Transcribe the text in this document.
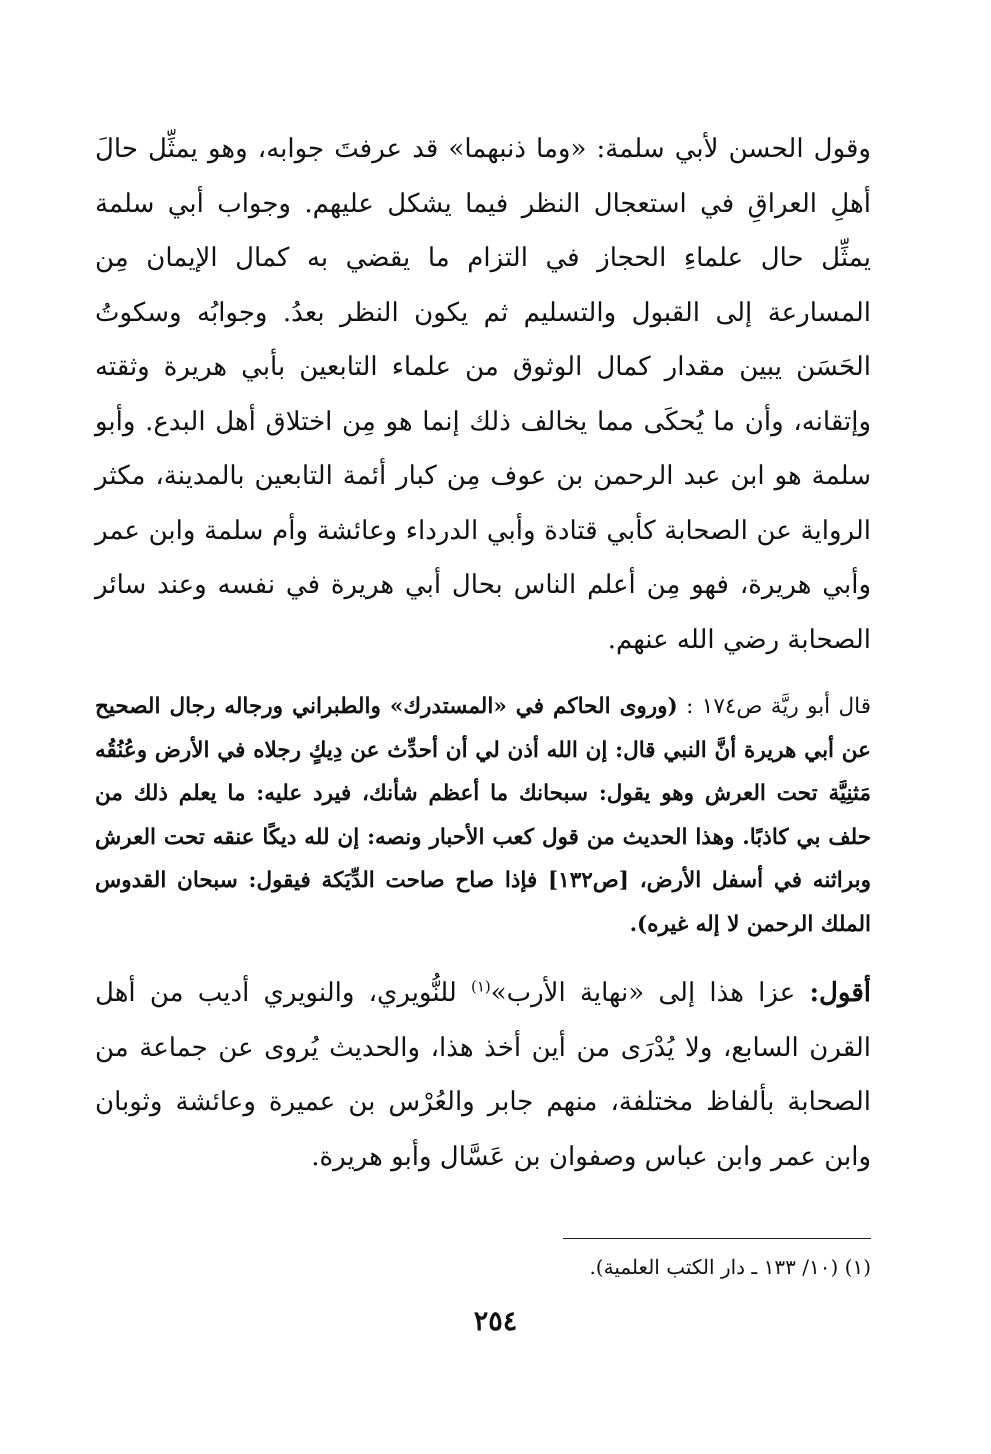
وقول الحسن لأبي سلمة: «وما ذنبهما» قد عرفتَ جوابه، وهو يمثِّل حالَ أهلِ العراقِ في استعجال النظر فيما يشكل عليهم. وجواب أبي سلمة يمثِّل حال علماءِ الحجاز في التزام ما يقضي به كمال الإيمان مِن المسارعة إلى القبول والتسليم ثم يكون النظر بعدُ. وجوابُه وسكوتُ الحَسَن يبين مقدار كمال الوثوق من علماء التابعين بأبي هريرة وثقته وإتقانه، وأن ما يُحكَى مما يخالف ذلك إنما هو مِن اختلاق أهل البدع. وأبو سلمة هو ابن عبد الرحمن بن عوف مِن كبار أئمة التابعين بالمدينة، مكثر الرواية عن الصحابة كأبي قتادة وأبي الدرداء وعائشة وأم سلمة وابن عمر وأبي هريرة، فهو مِن أعلم الناس بحال أبي هريرة في نفسه وعند سائر الصحابة رضي الله عنهم.

قال أبو ريَّة ص١٧٤ : (وروى الحاكم في «المستدرك» والطبراني ورجاله رجال الصحيح عن أبي هريرة أنَّ النبي قال: إن الله أذن لي أن أحدِّث عن دِيكٍ رجلاه في الأرض وعُنُقُه مَثنِيَّة تحت العرش وهو يقول: سبحانك ما أعظم شأنك، فيرد عليه: ما يعلم ذلك من حلف بي كاذبًا. وهذا الحديث من قول كعب الأحبار ونصه: إن لله ديكًا عنقه تحت العرش وبراثنه في أسفل الأرض، [ص١٣٢] فإذا صاح صاحت الدِّيَكة فيقول: سبحان القدوس الملك الرحمن لا إله غيره).

أقول: عزا هذا إلى «نهاية الأرب»$^{(١)}$ للنُّويري، والنويري أديب من أهل القرن السابع، ولا يُدْرَى من أين أخذ هذا، والحديث يُروى عن جماعة من الصحابة بألفاظ مختلفة، منهم جابر والعُرْس بن عميرة وعائشة وثوبان وابن عمر وابن عباس وصفوان بن عَسَّال وأبو هريرة.

(١) (١٠/ ١٣٣ ـ دار الكتب العلمية).
٢٥٤
